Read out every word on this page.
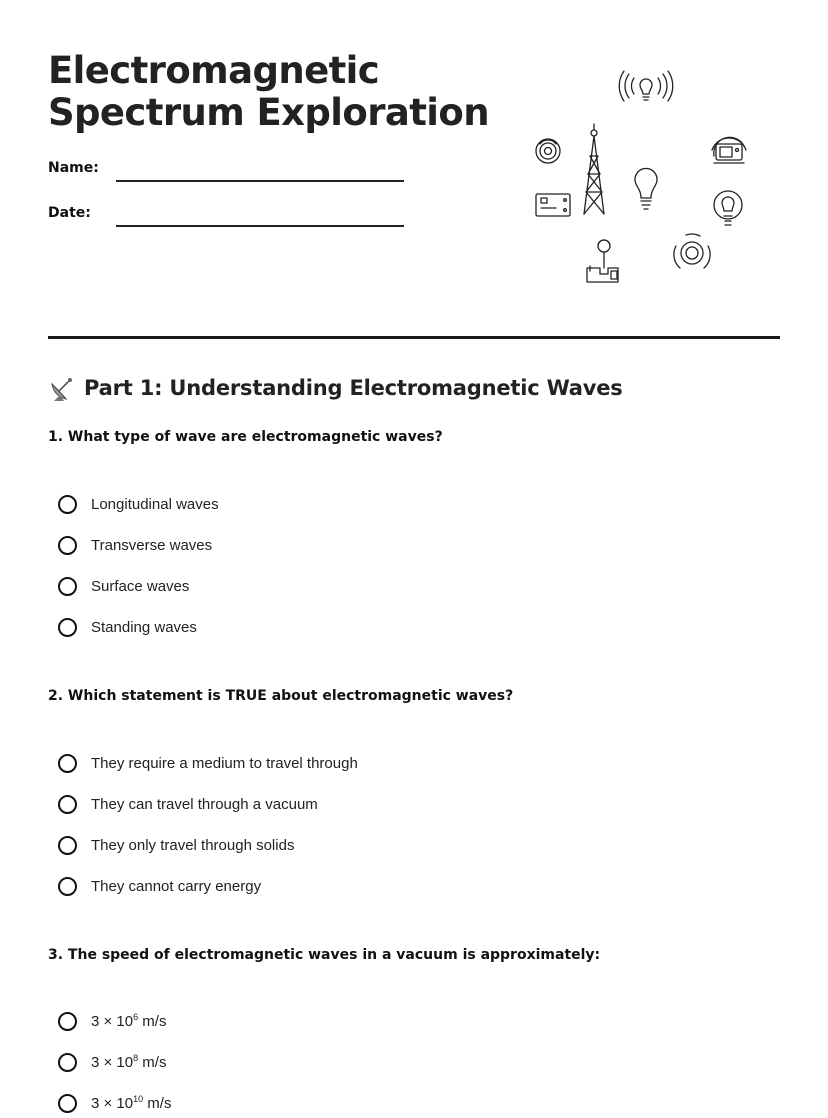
Electromagnetic
Spectrum Exploration
Name:
Date:
Part 1: Understanding Electromagnetic Waves

1. What type of wave are electromagnetic waves?

Longitudinal waves
Transverse waves
Surface waves
Standing waves

2. Which statement is TRUE about electromagnetic waves?

They require a medium to travel through
They can travel through a vacuum
They only travel through solids
They cannot carry energy

3. The speed of electromagnetic waves in a vacuum is approximately:

$3 \times 10^6$ m/s
$3 \times 10^8$ m/s
$3 \times 10^{10}$ m/s
